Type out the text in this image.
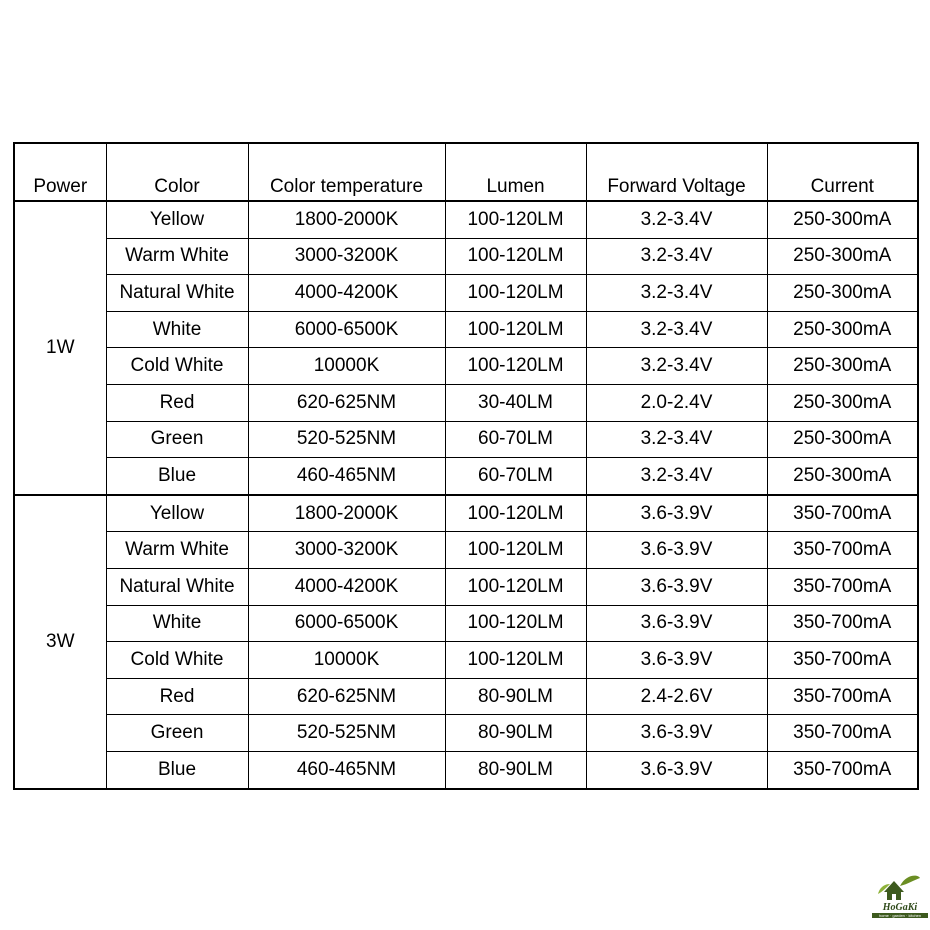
Power	Color	Color temperature	Lumen	Forward Voltage	Current
1W	Yellow	1800-2000K	100-120LM	3.2-3.4V	250-300mA
	Warm White	3000-3200K	100-120LM	3.2-3.4V	250-300mA
	Natural White	4000-4200K	100-120LM	3.2-3.4V	250-300mA
	White	6000-6500K	100-120LM	3.2-3.4V	250-300mA
	Cold White	10000K	100-120LM	3.2-3.4V	250-300mA
	Red	620-625NM	30-40LM	2.0-2.4V	250-300mA
	Green	520-525NM	60-70LM	3.2-3.4V	250-300mA
	Blue	460-465NM	60-70LM	3.2-3.4V	250-300mA
3W	Yellow	1800-2000K	100-120LM	3.6-3.9V	350-700mA
	Warm White	3000-3200K	100-120LM	3.6-3.9V	350-700mA
	Natural White	4000-4200K	100-120LM	3.6-3.9V	350-700mA
	White	6000-6500K	100-120LM	3.6-3.9V	350-700mA
	Cold White	10000K	100-120LM	3.6-3.9V	350-700mA
	Red	620-625NM	80-90LM	2.4-2.6V	350-700mA
	Green	520-525NM	80-90LM	3.6-3.9V	350-700mA
	Blue	460-465NM	80-90LM	3.6-3.9V	350-700mA
HoGaKi
home · garden · kitchen
